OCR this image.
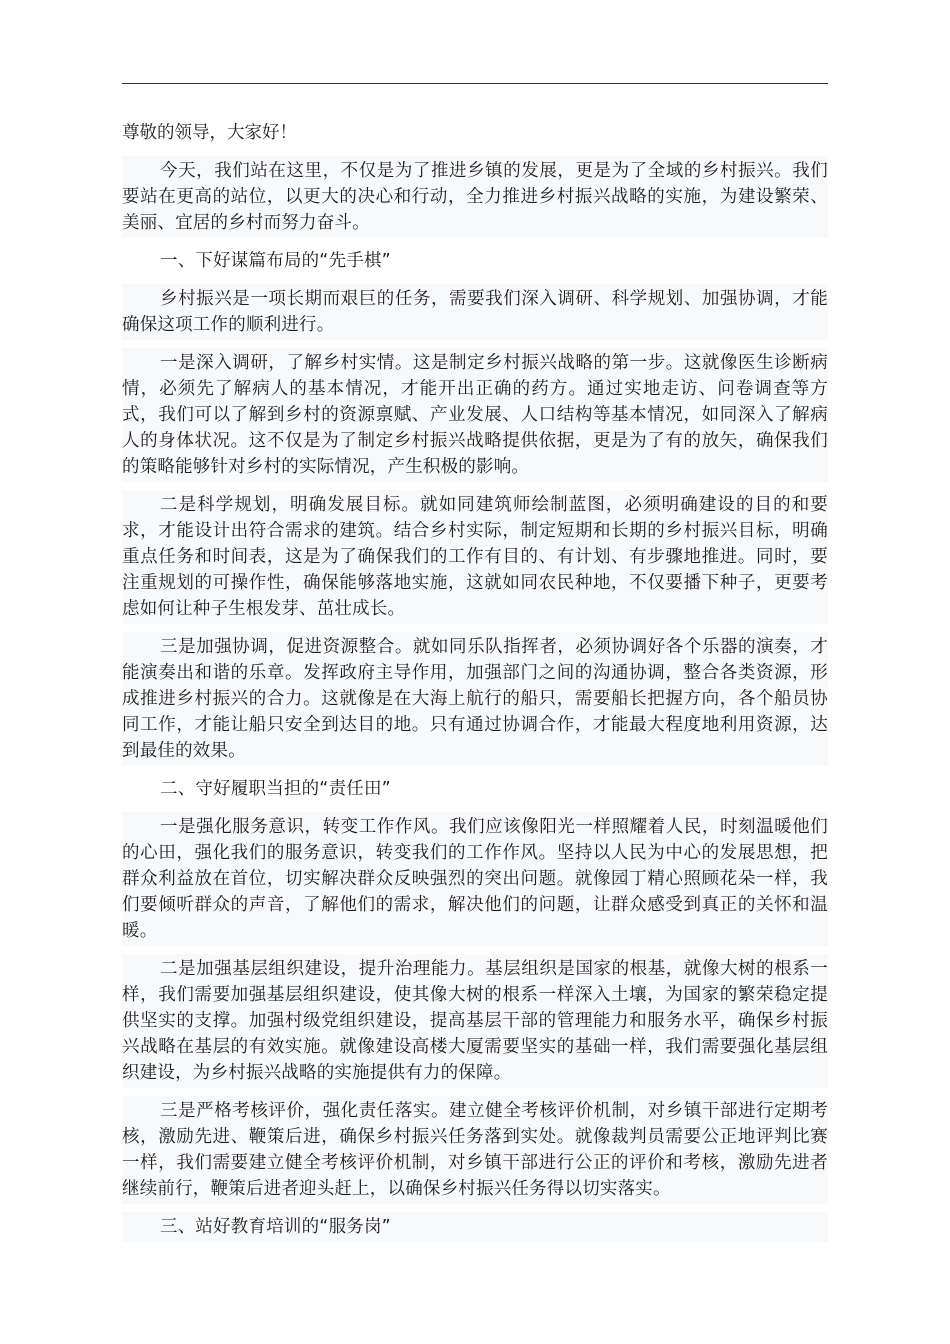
尊敬的领导，大家好！

今天，我们站在这里，不仅是为了推进乡镇的发展，更是为了全域的乡村振兴。我们要站在更高的站位，以更大的决心和行动，全力推进乡村振兴战略的实施，为建设繁荣、美丽、宜居的乡村而努力奋斗。

一、下好谋篇布局的“先手棋”

乡村振兴是一项长期而艰巨的任务，需要我们深入调研、科学规划、加强协调，才能确保这项工作的顺利进行。

一是深入调研，了解乡村实情。这是制定乡村振兴战略的第一步。这就像医生诊断病情，必须先了解病人的基本情况，才能开出正确的药方。通过实地走访、问卷调查等方式，我们可以了解到乡村的资源禀赋、产业发展、人口结构等基本情况，如同深入了解病人的身体状况。这不仅是为了制定乡村振兴战略提供依据，更是为了有的放矢，确保我们的策略能够针对乡村的实际情况，产生积极的影响。

二是科学规划，明确发展目标。就如同建筑师绘制蓝图，必须明确建设的目的和要求，才能设计出符合需求的建筑。结合乡村实际，制定短期和长期的乡村振兴目标，明确重点任务和时间表，这是为了确保我们的工作有目的、有计划、有步骤地推进。同时，要注重规划的可操作性，确保能够落地实施，这就如同农民种地，不仅要播下种子，更要考虑如何让种子生根发芽、茁壮成长。

三是加强协调，促进资源整合。就如同乐队指挥者，必须协调好各个乐器的演奏，才能演奏出和谐的乐章。发挥政府主导作用，加强部门之间的沟通协调，整合各类资源，形成推进乡村振兴的合力。这就像是在大海上航行的船只，需要船长把握方向，各个船员协同工作，才能让船只安全到达目的地。只有通过协调合作，才能最大程度地利用资源，达到最佳的效果。

二、守好履职当担的“责任田”

一是强化服务意识，转变工作作风。我们应该像阳光一样照耀着人民，时刻温暖他们的心田，强化我们的服务意识，转变我们的工作作风。坚持以人民为中心的发展思想，把群众利益放在首位，切实解决群众反映强烈的突出问题。就像园丁精心照顾花朵一样，我们要倾听群众的声音，了解他们的需求，解决他们的问题，让群众感受到真正的关怀和温暖。

二是加强基层组织建设，提升治理能力。基层组织是国家的根基，就像大树的根系一样，我们需要加强基层组织建设，使其像大树的根系一样深入土壤，为国家的繁荣稳定提供坚实的支撑。加强村级党组织建设，提高基层干部的管理能力和服务水平，确保乡村振兴战略在基层的有效实施。就像建设高楼大厦需要坚实的基础一样，我们需要强化基层组织建设，为乡村振兴战略的实施提供有力的保障。

三是严格考核评价，强化责任落实。建立健全考核评价机制，对乡镇干部进行定期考核，激励先进、鞭策后进，确保乡村振兴任务落到实处。就像裁判员需要公正地评判比赛一样，我们需要建立健全考核评价机制，对乡镇干部进行公正的评价和考核，激励先进者继续前行，鞭策后进者迎头赶上，以确保乡村振兴任务得以切实落实。

三、站好教育培训的“服务岗”
